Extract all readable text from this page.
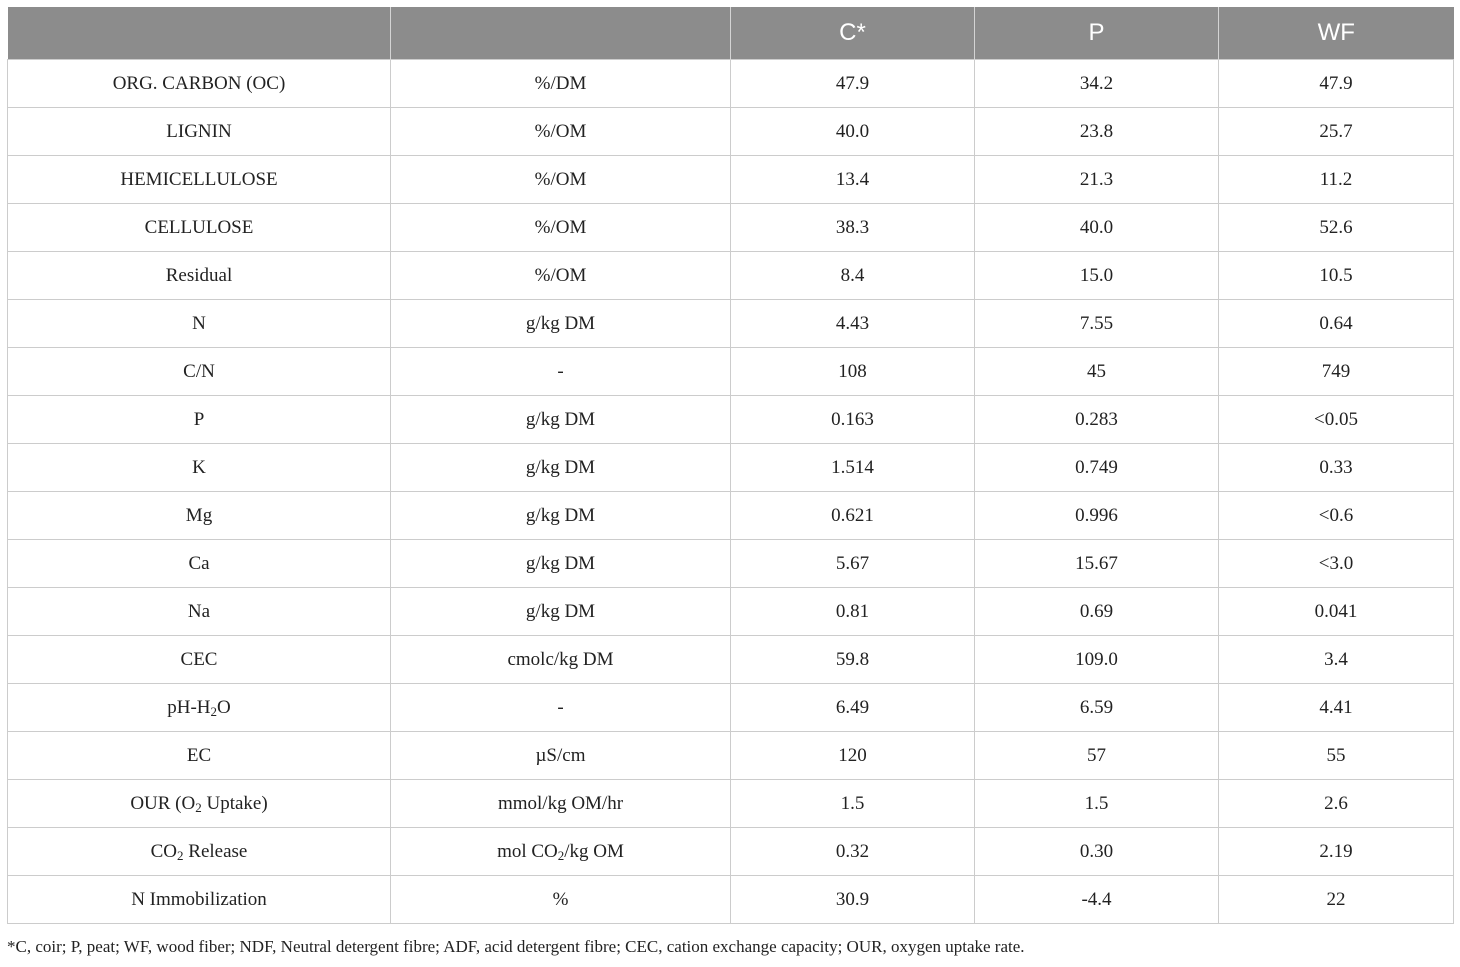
		C*	P	WF
ORG. CARBON (OC)	%/DM	47.9	34.2	47.9
LIGNIN	%/OM	40.0	23.8	25.7
HEMICELLULOSE	%/OM	13.4	21.3	11.2
CELLULOSE	%/OM	38.3	40.0	52.6
Residual	%/OM	8.4	15.0	10.5
N	g/kg DM	4.43	7.55	0.64
C/N	-	108	45	749
P	g/kg DM	0.163	0.283	<0.05
K	g/kg DM	1.514	0.749	0.33
Mg	g/kg DM	0.621	0.996	<0.6
Ca	g/kg DM	5.67	15.67	<3.0
Na	g/kg DM	0.81	0.69	0.041
CEC	cmolc/kg DM	59.8	109.0	3.4
$pH-H_2O$	-	6.49	6.59	4.41
EC	µS/cm	120	57	55
OUR ($O_2$ Uptake)	mmol/kg OM/hr	1.5	1.5	2.6
$CO_2$ Release	mol $CO_2/kg$ OM	0.32	0.30	2.19
N Immobilization	%	30.9	-4.4	22
*C, coir; P, peat; WF, wood fiber; NDF, Neutral detergent fibre; ADF, acid detergent fibre; CEC, cation exchange capacity; OUR, oxygen uptake rate.
